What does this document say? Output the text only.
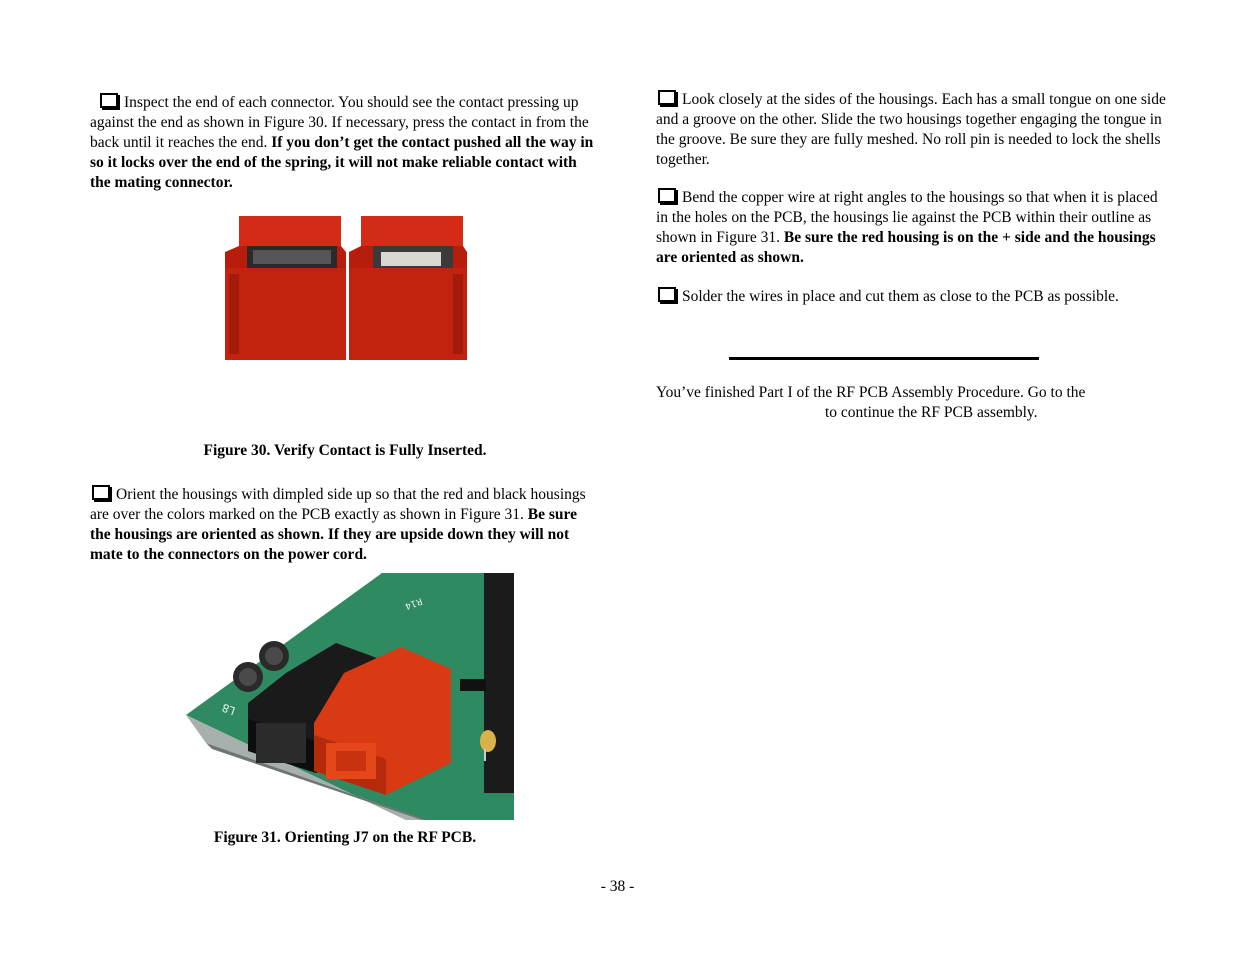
Inspect the end of each connector. You should see the contact pressing up against the end as shown in Figure 30. If necessary, press the contact in from the back until it reaches the end. If you don’t get the contact pushed all the way in so it locks over the end of the spring, it will not make reliable contact with the mating connector.

Figure 30. Verify Contact is Fully Inserted.

Orient the housings with dimpled side up so that the red and black housings are over the colors marked on the PCB exactly as shown in Figure 31. Be sure the housings are oriented as shown. If they are upside down they will not mate to the connectors on the power cord.

L8
R14
Figure 31. Orienting J7 on the RF PCB.

Look closely at the sides of the housings. Each has a small tongue on one side and a groove on the other. Slide the two housings together engaging the tongue in the groove. Be sure they are fully meshed. No roll pin is needed to lock the shells together.

Bend the copper wire at right angles to the housings so that when it is placed in the holes on the PCB, the housings lie against the PCB within their outline as shown in Figure 31. Be sure the red housing is on the + side and the housings are oriented as shown.

Solder the wires in place and cut them as close to the PCB as possible.

You’ve finished Part I of the RF PCB Assembly Procedure. Go to the
to continue the RF PCB assembly.
- 38 -
